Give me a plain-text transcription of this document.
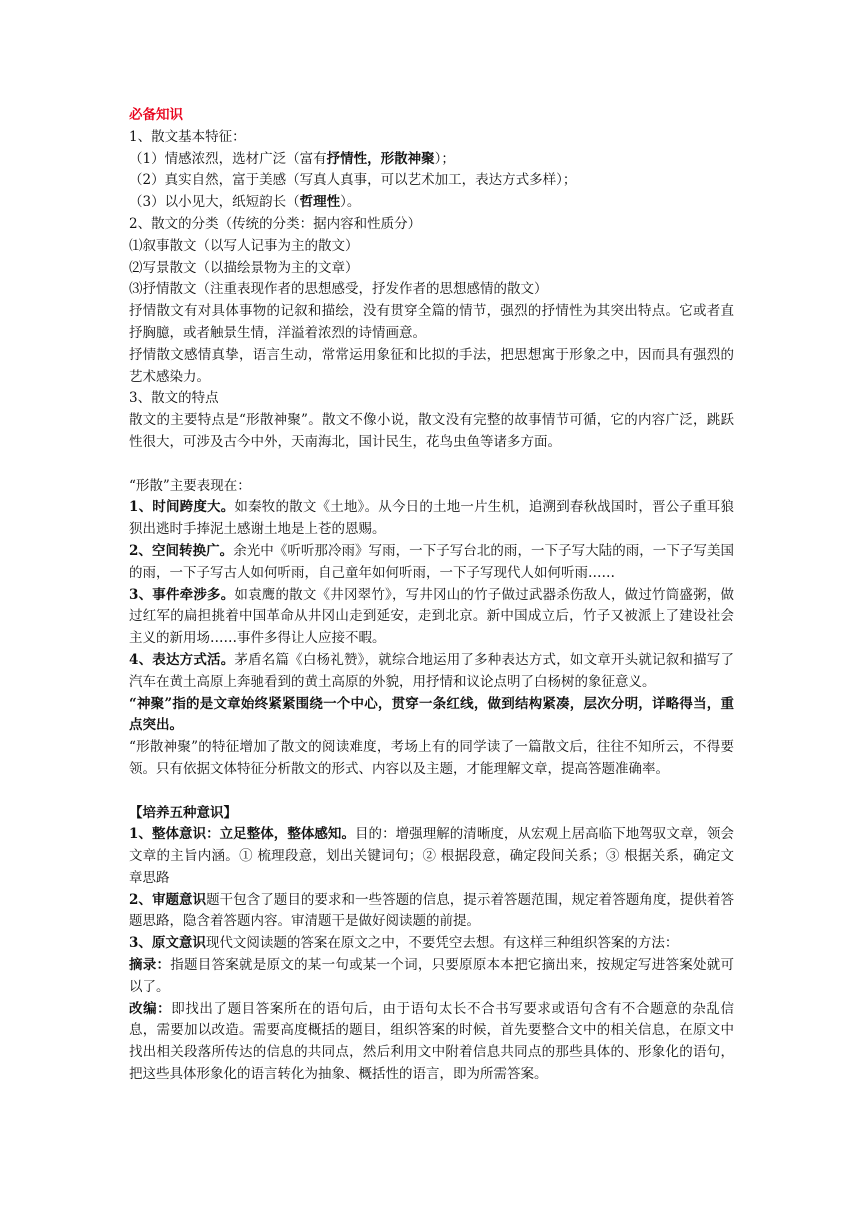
必备知识

1、散文基本特征：

（1）情感浓烈，选材广泛（富有抒情性，形散神聚）；

（2）真实自然，富于美感（写真人真事，可以艺术加工，表达方式多样）；

（3）以小见大，纸短韵长（哲理性）。

2、散文的分类（传统的分类：据内容和性质分）

⑴叙事散文（以写人记事为主的散文）

⑵写景散文（以描绘景物为主的文章）

⑶抒情散文（注重表现作者的思想感受，抒发作者的思想感情的散文）

抒情散文有对具体事物的记叙和描绘，没有贯穿全篇的情节，强烈的抒情性为其突出特点。它或者直抒胸臆，或者触景生情，洋溢着浓烈的诗情画意。

抒情散文感情真挚，语言生动，常常运用象征和比拟的手法，把思想寓于形象之中，因而具有强烈的艺术感染力。

3、散文的特点

散文的主要特点是“形散神聚”。散文不像小说，散文没有完整的故事情节可循，它的内容广泛，跳跃性很大，可涉及古今中外，天南海北，国计民生，花鸟虫鱼等诸多方面。

“形散”主要表现在：

1、时间跨度大。如秦牧的散文《土地》。从今日的土地一片生机，追溯到春秋战国时，晋公子重耳狼狈出逃时手捧泥土感谢土地是上苍的恩赐。

2、空间转换广。余光中《听听那冷雨》写雨，一下子写台北的雨，一下子写大陆的雨，一下子写美国的雨，一下子写古人如何听雨，自己童年如何听雨，一下子写现代人如何听雨……

3、事件牵涉多。如袁鹰的散文《井冈翠竹》，写井冈山的竹子做过武器杀伤敌人，做过竹筒盛粥，做过红军的扁担挑着中国革命从井冈山走到延安，走到北京。新中国成立后，竹子又被派上了建设社会主义的新用场……事件多得让人应接不暇。

4、表达方式活。茅盾名篇《白杨礼赞》，就综合地运用了多种表达方式，如文章开头就记叙和描写了汽车在黄土高原上奔驰看到的黄土高原的外貌，用抒情和议论点明了白杨树的象征意义。

“神聚”指的是文章始终紧紧围绕一个中心，贯穿一条红线，做到结构紧凑，层次分明，详略得当，重点突出。

“形散神聚”的特征增加了散文的阅读难度，考场上有的同学读了一篇散文后，往往不知所云，不得要领。只有依据文体特征分析散文的形式、内容以及主题，才能理解文章，提高答题准确率。

【培养五种意识】

1、整体意识：立足整体，整体感知。目的：增强理解的清晰度，从宏观上居高临下地驾驭文章，领会文章的主旨内涵。① 梳理段意，划出关键词句；② 根据段意，确定段间关系；③ 根据关系，确定文章思路

2、审题意识题干包含了题目的要求和一些答题的信息，提示着答题范围，规定着答题角度，提供着答题思路，隐含着答题内容。审清题干是做好阅读题的前提。

3、原文意识现代文阅读题的答案在原文之中，不要凭空去想。有这样三种组织答案的方法：

摘录：指题目答案就是原文的某一句或某一个词，只要原原本本把它摘出来，按规定写进答案处就可以了。

改编：即找出了题目答案所在的语句后，由于语句太长不合书写要求或语句含有不合题意的杂乱信息，需要加以改造。需要高度概括的题目，组织答案的时候，首先要整合文中的相关信息，在原文中找出相关段落所传达的信息的共同点，然后利用文中附着信息共同点的那些具体的、形象化的语句，把这些具体形象化的语言转化为抽象、概括性的语言，即为所需答案。
